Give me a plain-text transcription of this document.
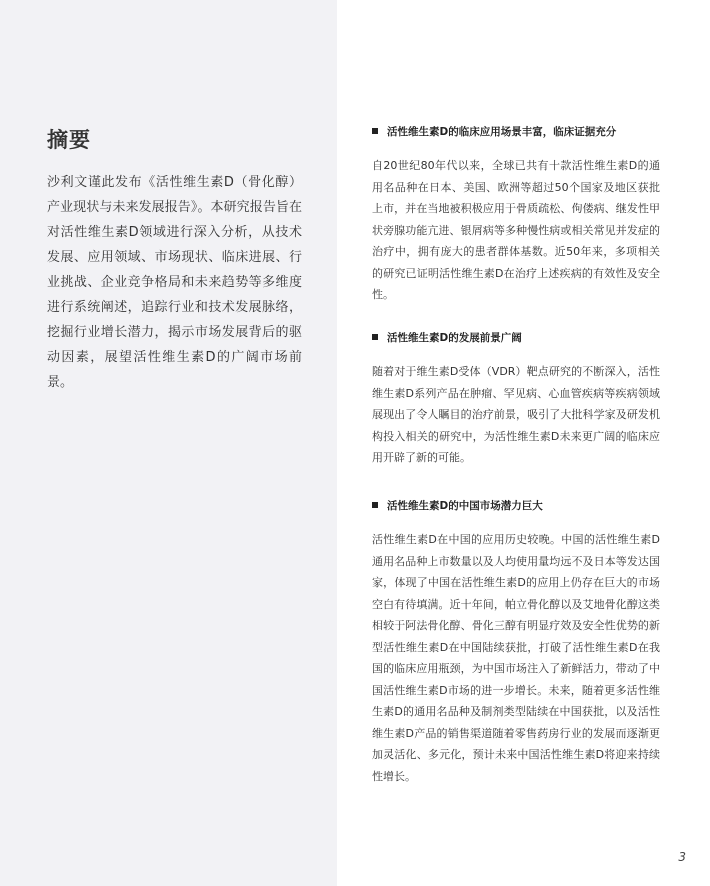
摘要

沙利文谨此发布《活性维生素D（骨化醇）产业现状与未来发展报告》。本研究报告旨在对活性维生素D领域进行深入分析，从技术发展、应用领域、市场现状、临床进展、行业挑战、企业竞争格局和未来趋势等多维度进行系统阐述，追踪行业和技术发展脉络，挖掘行业增长潜力，揭示市场发展背后的驱动因素，展望活性维生素D的广阔市场前景。

活性维生素D的临床应用场景丰富，临床证据充分

自20世纪80年代以来，全球已共有十款活性维生素D的通用名品种在日本、美国、欧洲等超过50个国家及地区获批上市，并在当地被积极应用于骨质疏松、佝偻病、继发性甲状旁腺功能亢进、银屑病等多种慢性病或相关常见并发症的治疗中，拥有庞大的患者群体基数。近50年来，多项相关的研究已证明活性维生素D在治疗上述疾病的有效性及安全性。

活性维生素D的发展前景广阔

随着对于维生素D受体（VDR）靶点研究的不断深入，活性维生素D系列产品在肿瘤、罕见病、心血管疾病等疾病领域展现出了令人瞩目的治疗前景，吸引了大批科学家及研发机构投入相关的研究中，为活性维生素D未来更广阔的临床应用开辟了新的可能。

活性维生素D的中国市场潜力巨大

活性维生素D在中国的应用历史较晚。中国的活性维生素D通用名品种上市数量以及人均使用量均远不及日本等发达国家，体现了中国在活性维生素D的应用上仍存在巨大的市场空白有待填满。近十年间，帕立骨化醇以及艾地骨化醇这类相较于阿法骨化醇、骨化三醇有明显疗效及安全性优势的新型活性维生素D在中国陆续获批，打破了活性维生素D在我国的临床应用瓶颈，为中国市场注入了新鲜活力，带动了中国活性维生素D市场的进一步增长。未来，随着更多活性维生素D的通用名品种及制剂类型陆续在中国获批，以及活性维生素D产品的销售渠道随着零售药房行业的发展而逐渐更加灵活化、多元化，预计未来中国活性维生素D将迎来持续性增长。

3
